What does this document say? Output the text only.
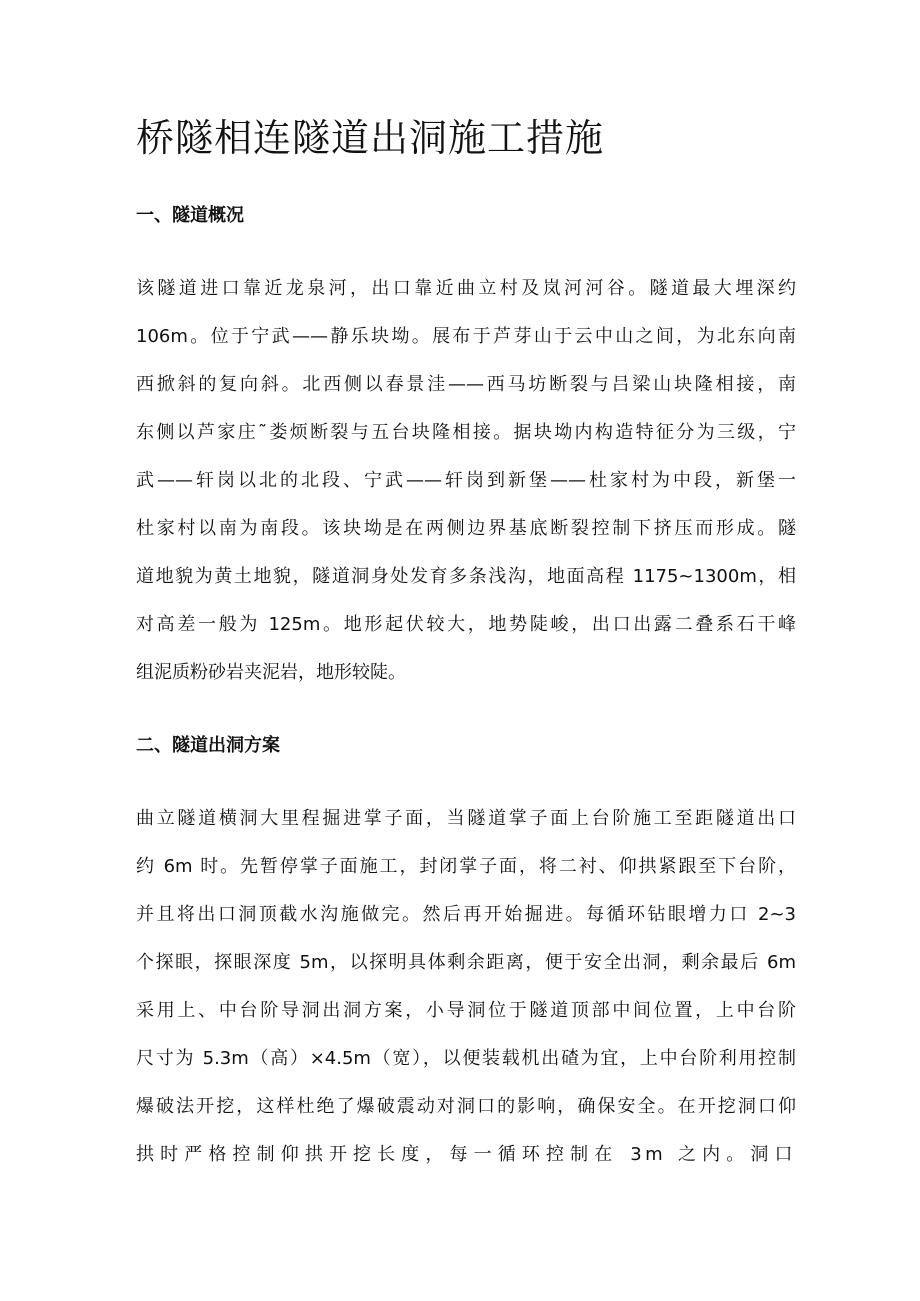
桥隧相连隧道出洞施工措施
一、隧道概况
该隧道进口靠近龙泉河，出口靠近曲立村及岚河河谷。隧道最大埋深约
106m。位于宁武——静乐块坳。展布于芦芽山于云中山之间，为北东向南
西掀斜的复向斜。北西侧以春景洼——西马坊断裂与吕梁山块隆相接，南
东侧以芦家庄˜娄烦断裂与五台块隆相接。据块坳内构造特征分为三级，宁
武——轩岗以北的北段、宁武——轩岗到新堡——杜家村为中段，新堡一
杜家村以南为南段。该块坳是在两侧边界基底断裂控制下挤压而形成。隧
道地貌为黄土地貌，隧道洞身处发育多条浅沟，地面高程 1175~1300m，相
对高差一般为 125m。地形起伏较大，地势陡峻，出口出露二叠系石干峰
组泥质粉砂岩夹泥岩，地形较陡。
二、隧道出洞方案
曲立隧道横洞大里程掘进掌子面，当隧道掌子面上台阶施工至距隧道出口
约 6m 时。先暂停掌子面施工，封闭掌子面，将二衬、仰拱紧跟至下台阶，
并且将出口洞顶截水沟施做完。然后再开始掘进。每循环钻眼增力口 2~3
个探眼，探眼深度 5m，以探明具体剩余距离，便于安全出洞，剩余最后 6m
采用上、中台阶导洞出洞方案，小导洞位于隧道顶部中间位置，上中台阶
尺寸为 5.3m（高）×4.5m（宽），以便装载机出碴为宜，上中台阶利用控制
爆破法开挖，这样杜绝了爆破震动对洞口的影响，确保安全。在开挖洞口仰
拱时严格控制仰拱开挖长度，每一循环控制在 3m 之内。洞口
